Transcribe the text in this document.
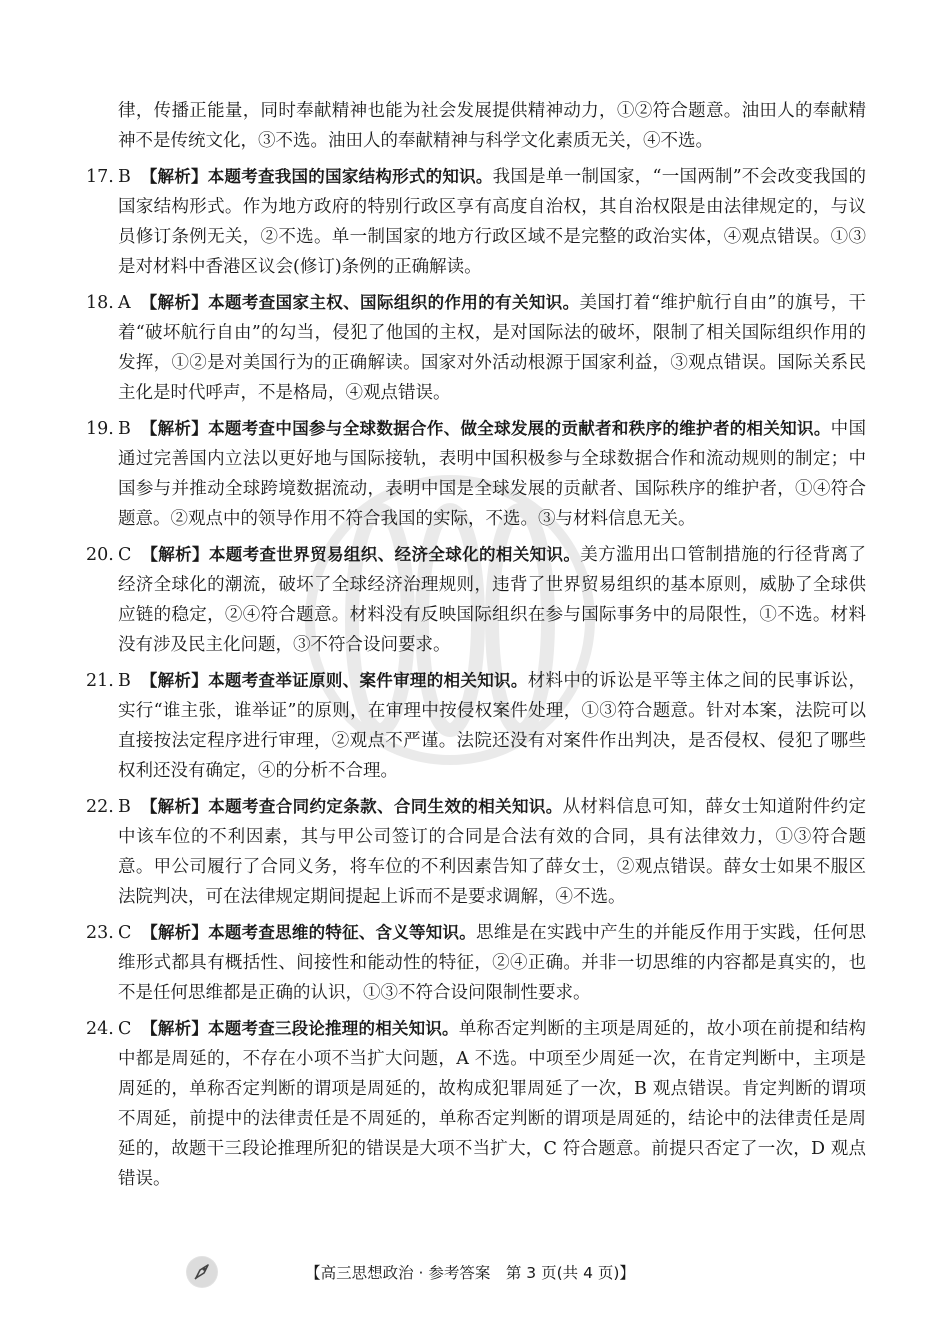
律，传播正能量，同时奉献精神也能为社会发展提供精神动力，①②符合题意。油田人的奉献精神不是传统文化，③不选。油田人的奉献精神与科学文化素质无关，④不选。

17. B 【解析】本题考查我国的国家结构形式的知识。我国是单一制国家，“一国两制”不会改变我国的国家结构形式。作为地方政府的特别行政区享有高度自治权，其自治权限是由法律规定的，与议员修订条例无关，②不选。单一制国家的地方行政区域不是完整的政治实体，④观点错误。①③是对材料中香港区议会(修订)条例的正确解读。

18. A 【解析】本题考查国家主权、国际组织的作用的有关知识。美国打着“维护航行自由”的旗号，干着“破坏航行自由”的勾当，侵犯了他国的主权，是对国际法的破坏，限制了相关国际组织作用的发挥，①②是对美国行为的正确解读。国家对外活动根源于国家利益，③观点错误。国际关系民主化是时代呼声，不是格局，④观点错误。

19. B 【解析】本题考查中国参与全球数据合作、做全球发展的贡献者和秩序的维护者的相关知识。中国通过完善国内立法以更好地与国际接轨，表明中国积极参与全球数据合作和流动规则的制定；中国参与并推动全球跨境数据流动，表明中国是全球发展的贡献者、国际秩序的维护者，①④符合题意。②观点中的领导作用不符合我国的实际，不选。③与材料信息无关。

20. C 【解析】本题考查世界贸易组织、经济全球化的相关知识。美方滥用出口管制措施的行径背离了经济全球化的潮流，破坏了全球经济治理规则，违背了世界贸易组织的基本原则，威胁了全球供应链的稳定，②④符合题意。材料没有反映国际组织在参与国际事务中的局限性，①不选。材料没有涉及民主化问题，③不符合设问要求。

21. B 【解析】本题考查举证原则、案件审理的相关知识。材料中的诉讼是平等主体之间的民事诉讼，实行“谁主张，谁举证”的原则，在审理中按侵权案件处理，①③符合题意。针对本案，法院可以直接按法定程序进行审理，②观点不严谨。法院还没有对案件作出判决，是否侵权、侵犯了哪些权利还没有确定，④的分析不合理。

22. B 【解析】本题考查合同约定条款、合同生效的相关知识。从材料信息可知，薛女士知道附件约定中该车位的不利因素，其与甲公司签订的合同是合法有效的合同，具有法律效力，①③符合题意。甲公司履行了合同义务，将车位的不利因素告知了薛女士，②观点错误。薛女士如果不服区法院判决，可在法律规定期间提起上诉而不是要求调解，④不选。

23. C 【解析】本题考查思维的特征、含义等知识。思维是在实践中产生的并能反作用于实践，任何思维形式都具有概括性、间接性和能动性的特征，②④正确。并非一切思维的内容都是真实的，也不是任何思维都是正确的认识，①③不符合设问限制性要求。

24. C 【解析】本题考查三段论推理的相关知识。单称否定判断的主项是周延的，故小项在前提和结构中都是周延的，不存在小项不当扩大问题，A 不选。中项至少周延一次，在肯定判断中，主项是周延的，单称否定判断的谓项是周延的，故构成犯罪周延了一次，B 观点错误。肯定判断的谓项不周延，前提中的法律责任是不周延的，单称否定判断的谓项是周延的，结论中的法律责任是周延的，故题干三段论推理所犯的错误是大项不当扩大，C 符合题意。前提只否定了一次，D 观点错误。

【高三思想政治 · 参考答案　第 3 页(共 4 页)】
